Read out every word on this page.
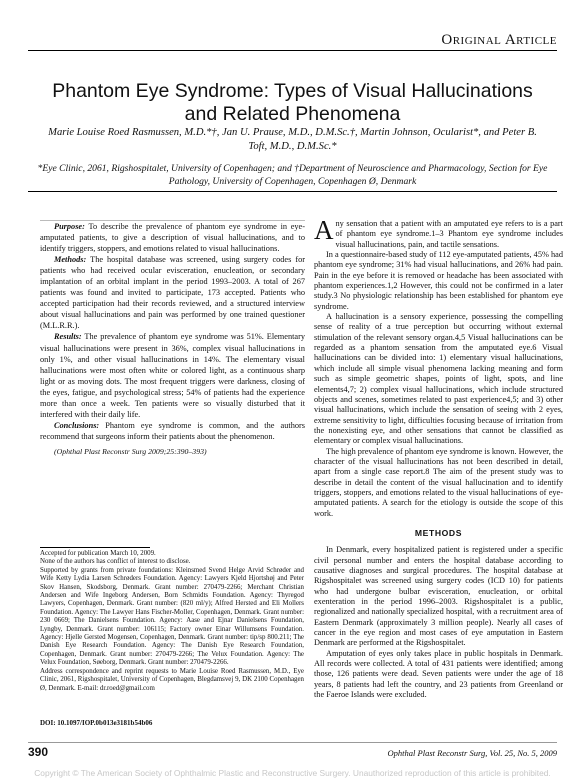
Original Article
Phantom Eye Syndrome: Types of Visual Hallucinations and Related Phenomena
Marie Louise Roed Rasmussen, M.D.*†, Jan U. Prause, M.D., D.M.Sc.†, Martin Johnson, Ocularist*, and Peter B. Toft, M.D., D.M.Sc.*
*Eye Clinic, 2061, Rigshospitalet, University of Copenhagen; and †Department of Neuroscience and Pharmacology, Section for Eye Pathology, University of Copenhagen, Copenhagen Ø, Denmark

Purpose: To describe the prevalence of phantom eye syndrome in eye-amputated patients, to give a description of visual hallucinations, and to identify triggers, stoppers, and emotions related to visual hallucinations.

Methods: The hospital database was screened, using surgery codes for patients who had received ocular evisceration, enucleation, or secondary implantation of an orbital implant in the period 1993–2003. A total of 267 patients was found and invited to participate, 173 accepted. Patients who accepted participation had their records reviewed, and a structured interview about visual hallucinations and pain was performed by one trained questioner (M.L.R.R.).

Results: The prevalence of phantom eye syndrome was 51%. Elementary visual hallucinations were present in 36%, complex visual hallucinations in only 1%, and other visual hallucinations in 14%. The elementary visual hallucinations were most often white or colored light, as a continuous sharp light or as moving dots. The most frequent triggers were darkness, closing of the eyes, fatigue, and psychological stress; 54% of patients had the experience more than once a week. Ten patients were so visually disturbed that it interfered with their daily life.

Conclusions: Phantom eye syndrome is common, and the authors recommend that surgeons inform their patients about the phenomenon.

(Ophthal Plast Reconstr Surg 2009;25:390–393)

Accepted for publication March 10, 2009.

None of the authors has conflict of interest to disclose.

Supported by grants from private foundations: Kleinsmed Svend Helge Arvid Schrøder and Wife Ketty Lydia Larsen Schrøders Foundation. Agency: Lawyers Kjeld Hjortshøj and Peter Skov Hansen, Skodsborg, Denmark. Grant number: 270479-2266; Merchant Christian Andersen and Wife Ingeborg Andersen, Born Schmidts Foundation. Agency: Thyregod Lawyers, Copenhagen, Denmark. Grant number: (820 ml/y); Alfred Hersted and Eli Mollers Foundation. Agency: The Lawyer Hans Fischer-Moller, Copenhagen, Denmark. Grant number: 230 0669; The Danielsens Foundation. Agency: Aase and Ejnar Danielsens Foundation, Lyngby, Denmark. Grant number: 106115; Factory owner Einar Willumsens Foundation. Agency: Hjelle Gersted Mogensen, Copenhagen, Denmark. Grant number: tip/sp 800.211; The Danish Eye Research Foundation. Agency: The Danish Eye Research Foundation, Copenhagen, Denmark. Grant number: 270479-2266; The Velux Foundation. Agency: The Velux Foundation, Søeborg, Denmark. Grant number: 270479-2266.

Address correspondence and reprint requests to Marie Louise Roed Rasmussen, M.D., Eye Clinic, 2061, Rigshospitalet, University of Copenhagen, Blegdamsvej 9, DK 2100 Copenhagen Ø, Denmark. E-mail: dr.roed@gmail.com

DOI: 10.1097/IOP.0b013e3181b54b06

Any sensation that a patient with an amputated eye refers to is a part of phantom eye syndrome.1–3 Phantom eye syndrome includes visual hallucinations, pain, and tactile sensations.

In a questionnaire-based study of 112 eye-amputated patients, 45% had phantom eye syndrome; 31% had visual hallucinations, and 26% had pain. Pain in the eye before it is removed or headache has been associated with phantom experiences.1,2 However, this could not be confirmed in a later study.3 No physiologic relationship has been established for phantom eye syndrome.

A hallucination is a sensory experience, possessing the compelling sense of reality of a true perception but occurring without external stimulation of the relevant sensory organ.4,5 Visual hallucinations can be regarded as a phantom sensation from the amputated eye.6 Visual hallucinations can be divided into: 1) elementary visual hallucinations, which include all simple visual phenomena lacking meaning and form such as simple geometric shapes, points of light, spots, and line elements4,7; 2) complex visual hallucinations, which include structured objects and scenes, sometimes related to past experience4,5; and 3) other visual hallucinations, which include the sensation of seeing with 2 eyes, extreme sensitivity to light, difficulties focusing because of irritation from the nonexisting eye, and other sensations that cannot be classified as elementary or complex visual hallucinations.

The high prevalence of phantom eye syndrome is known. However, the character of the visual hallucinations has not been described in detail, apart from a single case report.8 The aim of the present study was to describe in detail the content of the visual hallucination and to identify triggers, stoppers, and emotions related to the visual hallucinations of eye-amputated patients. A search for the etiology is outside the scope of this work.

METHODS

In Denmark, every hospitalized patient is registered under a specific civil personal number and enters the hospital database according to causative diagnoses and surgical procedures. The hospital database at Rigshospitalet was screened using surgery codes (ICD 10) for patients who had undergone bulbar evisceration, enucleation, or orbital exenteration in the period 1996–2003. Rigshospitalet is a public, regionalized and nationally specialized hospital, with a recruitment area of Eastern Denmark (approximately 3 million people). Nearly all cases of cancer in the eye region and most cases of eye amputation in Eastern Denmark are performed at the Rigshospitalet.

Amputation of eyes only takes place in public hospitals in Denmark. All records were collected. A total of 431 patients were identified; among those, 126 patients were dead. Seven patients were under the age of 18 years, 8 patients had left the country, and 23 patients from Greenland or the Faeroe Islands were excluded.

390	Ophthal Plast Reconstr Surg, Vol. 25, No. 5, 2009
Copyright © The American Society of Ophthalmic Plastic and Reconstructive Surgery. Unauthorized reproduction of this article is prohibited.
